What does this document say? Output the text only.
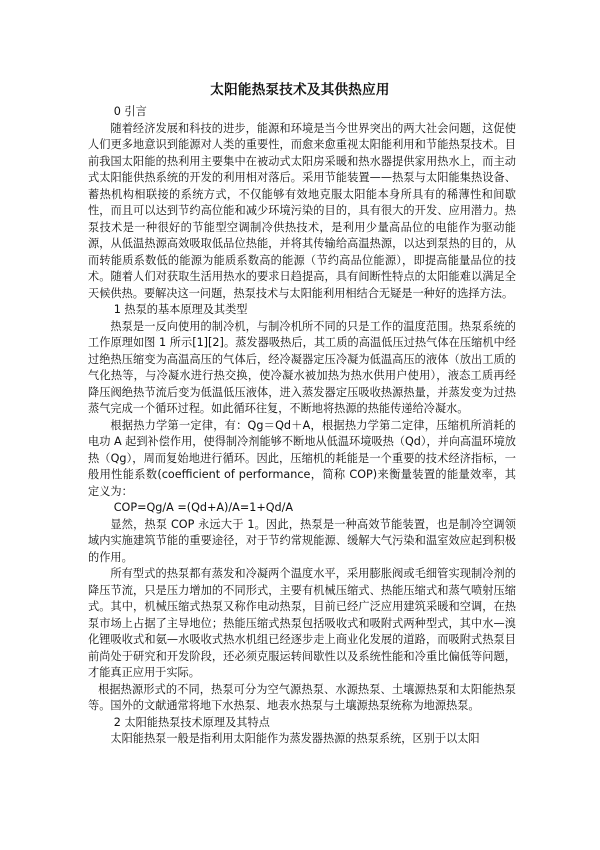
太阳能热泵技术及其供热应用

0 引言

随着经济发展和科技的进步，能源和环境是当今世界突出的两大社会问题，这促使人们更多地意识到能源对人类的重要性，而愈来愈重视太阳能利用和节能热泵技术。目前我国太阳能的热利用主要集中在被动式太阳房采暖和热水器提供家用热水上，而主动式太阳能供热系统的开发的利用相对落后。采用节能装置——热泵与太阳能集热设备、蓄热机构相联接的系统方式，不仅能够有效地克服太阳能本身所具有的稀薄性和间歇性，而且可以达到节约高位能和减少环境污染的目的，具有很大的开发、应用潜力。热泵技术是一种很好的节能型空调制冷供热技术，是利用少量高品位的电能作为驱动能源，从低温热源高效吸取低品位热能，并将其传输给高温热源，以达到泵热的目的，从而转能质系数低的能源为能质系数高的能源（节约高品位能源），即提高能量品位的技术。随着人们对获取生活用热水的要求日趋提高，具有间断性特点的太阳能难以满足全天候供热。要解决这一问题，热泵技术与太阳能利用相结合无疑是一种好的选择方法。

1 热泵的基本原理及其类型

热泵是一反向使用的制冷机，与制冷机所不同的只是工作的温度范围。热泵系统的工作原理如图 1 所示[1][2]。蒸发器吸热后，其工质的高温低压过热气体在压缩机中经过绝热压缩变为高温高压的气体后，经冷凝器定压冷凝为低温高压的液体（放出工质的气化热等，与冷凝水进行热交换，使冷凝水被加热为热水供用户使用），液态工质再经降压阀绝热节流后变为低温低压液体，进入蒸发器定压吸收热源热量，并蒸发变为过热蒸气完成一个循环过程。如此循环往复，不断地将热源的热能传递给冷凝水。

根据热力学第一定律，有：Qg＝Qd＋A，根据热力学第二定律，压缩机所消耗的电功 A 起到补偿作用，使得制冷剂能够不断地从低温环境吸热（Qd），并向高温环境放热（Qg），周而复始地进行循环。因此，压缩机的耗能是一个重要的技术经济指标，一般用性能系数(coefficient of performance，简称 COP)来衡量装置的能量效率，其定义为：

COP=Qg/A =(Qd+A)/A=1+Qd/A

显然，热泵 COP 永远大于 1。因此，热泵是一种高效节能装置，也是制冷空调领域内实施建筑节能的重要途径，对于节约常规能源、缓解大气污染和温室效应起到积极的作用。

所有型式的热泵都有蒸发和冷凝两个温度水平，采用膨胀阀或毛细管实现制冷剂的降压节流，只是压力增加的不同形式，主要有机械压缩式、热能压缩式和蒸气喷射压缩式。其中，机械压缩式热泵又称作电动热泵，目前已经广泛应用建筑采暖和空调，在热泵市场上占据了主导地位；热能压缩式热泵包括吸收式和吸附式两种型式，其中水—溴化锂吸收式和氨—水吸收式热水机组已经逐步走上商业化发展的道路，而吸附式热泵目前尚处于研究和开发阶段，还必须克服运转间歇性以及系统性能和冷重比偏低等问题，才能真正应用于实际。

根据热源形式的不同，热泵可分为空气源热泵、水源热泵、土壤源热泵和太阳能热泵等。国外的文献通常将地下水热泵、地表水热泵与土壤源热泵统称为地源热泵。

2 太阳能热泵技术原理及其特点

太阳能热泵一般是指利用太阳能作为蒸发器热源的热泵系统，区别于以太阳
